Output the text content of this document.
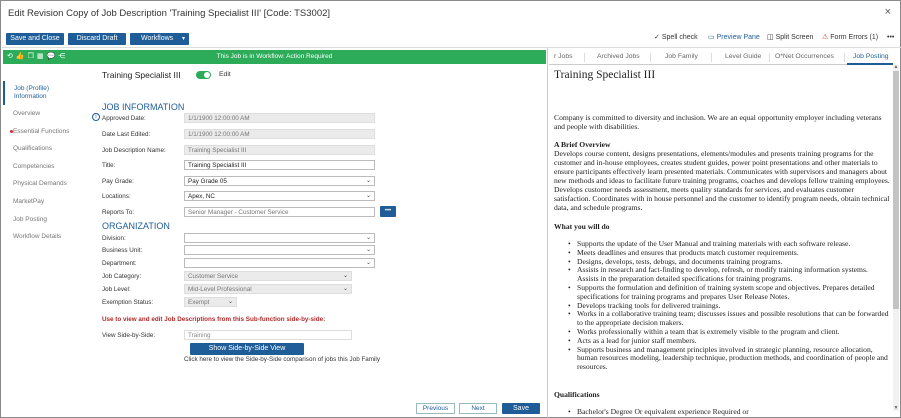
Edit Revision Copy of Job Description 'Training Specialist III' [Code: TS3002]	×
Save and Close	Discard Draft	Workflows ▾	✓ Spell check ▭ Preview Pane ◫ Split Screen ⚠ Form Errors (1) •••
⟲👍❐▦💬⋲	This Job is in Workflow: Action Required
Job (Profile) Information
Overview
Essential Functions
Qualifications
Competencies
Physical Demands
MarketPay
Job Posting
Workflow Details
Training Specialist III	Edit
JOB INFORMATION
i Approved Date:	1/1/1900 12:00:00 AM
Date Last Edited:	1/1/1900 12:00:00 AM
Job Description Name:	Training Specialist III
Title:	Training Specialist III
Pay Grade:	Pay Grade 05	⌄
Locations:	Apex, NC	⌄
Reports To:	Senior Manager - Customer Service	•••
ORGANIZATION
Division:	⌄
Business Unit:	⌄
Department:	⌄
Job Category:	Customer Service	⌄
Job Level:	Mid-Level Professional	⌄
Exemption Status:	Exempt	⌄
Use to view and edit Job Descriptions from this Sub-function side-by-side:
View Side-by-Side:	Training
Show Side-by-Side View
Click here to view the Side-by-Side comparison of jobs this Job Family
Previous	Next	Save
r Jobs	Archived Jobs	Job Family	Level Guide O*Net Occurrences	Job Posting
Training Specialist III

Company is committed to diversity and inclusion. We are an equal opportunity employer including veterans and people with disabilities.

A Brief Overview

Develops course content, designs presentations, elements/modules and presents training programs for the customer and in-house employees, creates student guides, power point presentations and other materials to ensure participants effectively learn presented materials. Communicates with supervisors and managers about new methods and ideas to facilitate future training programs, coaches and develops fellow training employees. Develops customer needs assessment, meets quality standards for services, and evaluates customer satisfaction. Coordinates with in house personnel and the customer to identify program needs, obtain technical data, and schedule programs.

What you will do
• Supports the update of the User Manual and training materials with each software release.
• Meets deadlines and ensures that products match customer requirements.
• Designs, develops, tests, debugs, and documents training programs.
• Assists in research and fact-finding to develop, refresh, or modify training information systems. Assists in the preparation detailed specifications for training programs.
• Supports the formulation and definition of training system scope and objectives. Prepares detailed specifications for training programs and prepares User Release Notes.
• Develops tracking tools for delivered trainings.
• Works in a collaborative training team; discusses issues and possible resolutions that can be forwarded to the appropriate decision makers.
• Works professionally within a team that is extremely visible to the program and client.
• Acts as a lead for junior staff members.
• Supports business and management principles involved in strategic planning, resource allocation, human resources modeling, leadership technique, production methods, and coordination of people and resources.
Qualifications
• Bachelor's Degree Or equivalent experience Required or
▲
▼
